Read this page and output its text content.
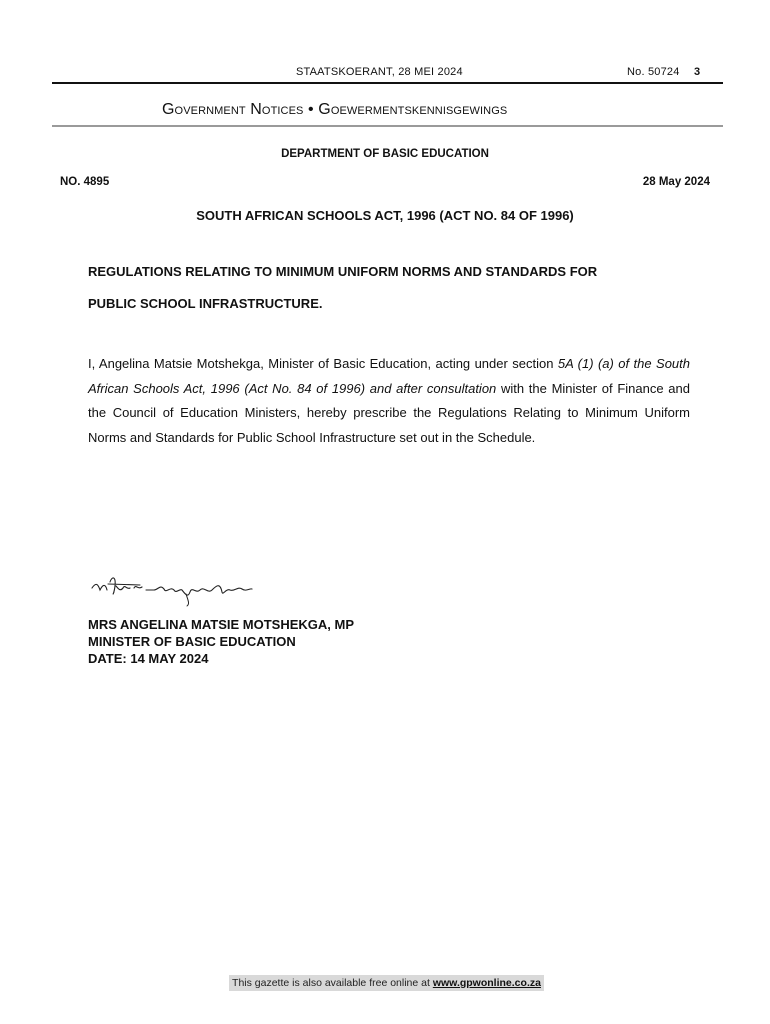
STAATSKOERANT, 28 MEI 2024	No. 50724 3
Government Notices • Goewermentskennisgewings
DEPARTMENT OF BASIC EDUCATION
NO. 4895	28 May 2024
SOUTH AFRICAN SCHOOLS ACT, 1996 (ACT NO. 84 OF 1996)
REGULATIONS RELATING TO MINIMUM UNIFORM NORMS AND STANDARDS FOR
PUBLIC SCHOOL INFRASTRUCTURE.
I, Angelina Matsie Motshekga, Minister of Basic Education, acting under section 5A (1) (a) of the South African Schools Act, 1996 (Act No. 84 of 1996) and after consultation with the Minister of Finance and the Council of Education Ministers, hereby prescribe the Regulations Relating to Minimum Uniform Norms and Standards for Public School Infrastructure set out in the Schedule.
MRS ANGELINA MATSIE MOTSHEKGA, MP
MINISTER OF BASIC EDUCATION
DATE: 14 MAY 2024
This gazette is also available free online at www.gpwonline.co.za
